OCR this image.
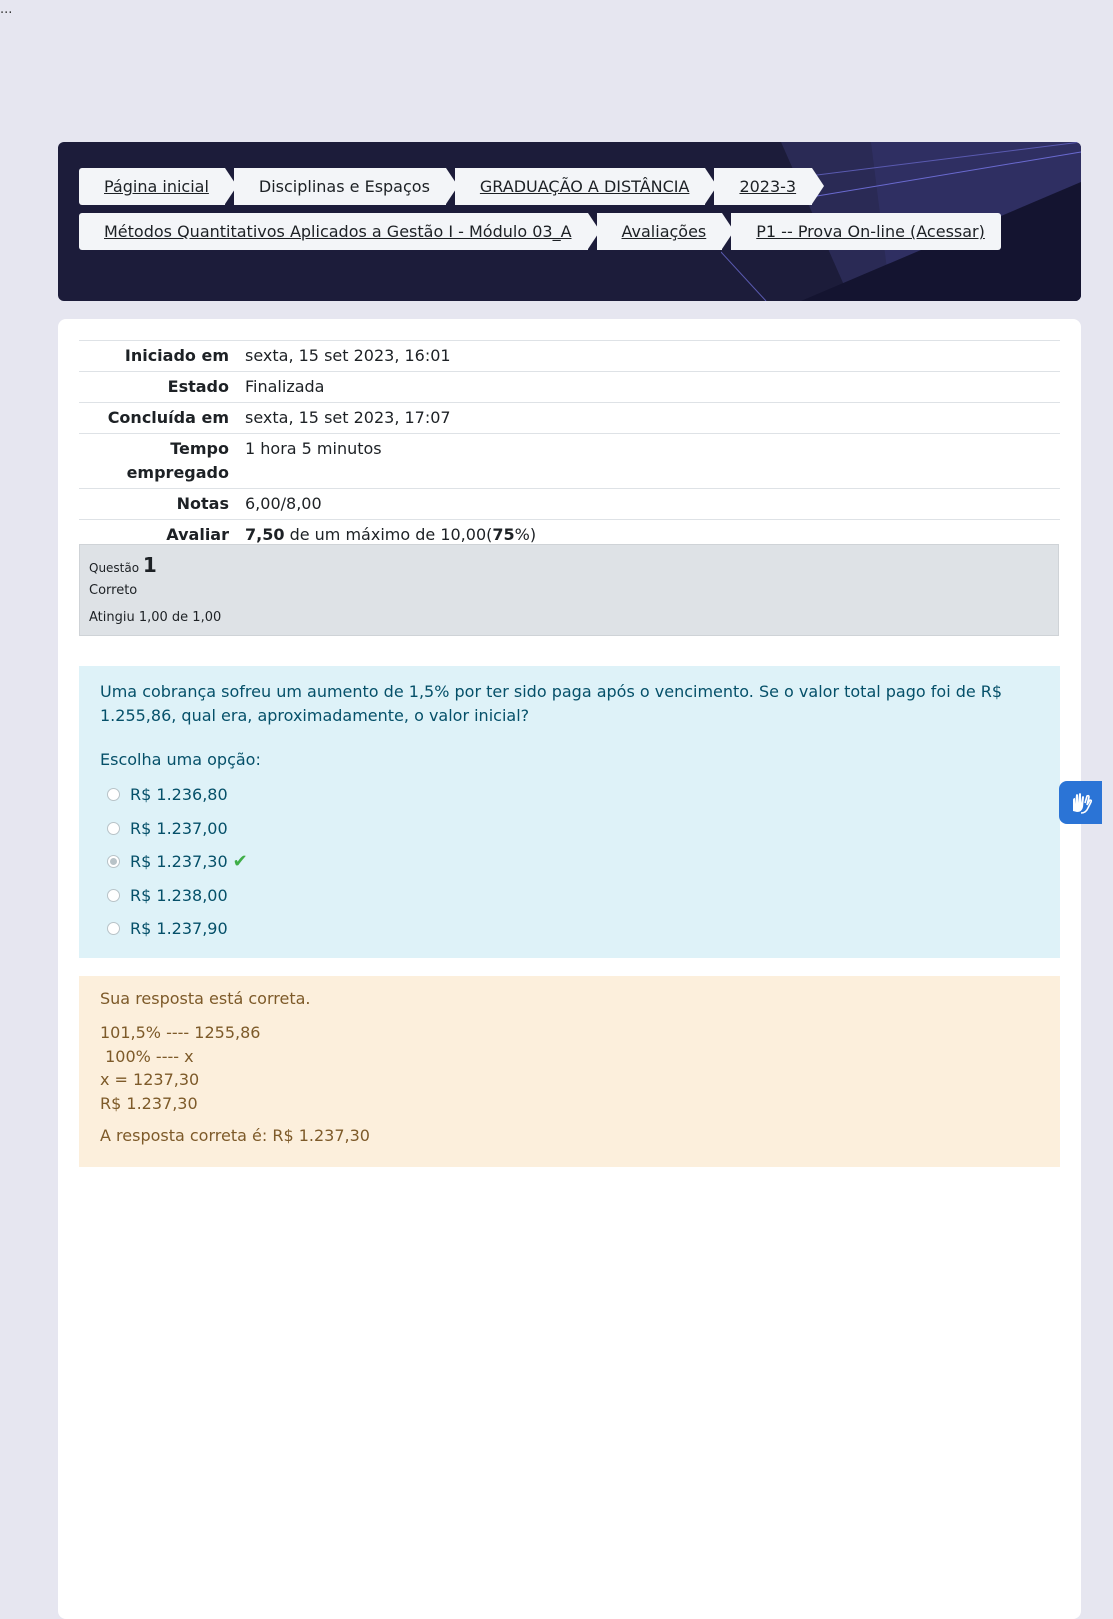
...
Página inicial	Disciplinas e Espaços	GRADUAÇÃO A DISTÂNCIA	2023-3
Métodos Quantitativos Aplicados a Gestão I - Módulo 03_A	Avaliações	P1 -- Prova On-line (Acessar)
Iniciado em	sexta, 15 set 2023, 16:01
Estado	Finalizada
Concluída em	sexta, 15 set 2023, 17:07
Tempo
empregado	1 hora 5 minutos
Notas	6,00/8,00
Avaliar	7,50 de um máximo de 10,00(75%)
Questão 1
Correto
Atingiu 1,00 de 1,00
Uma cobrança sofreu um aumento de 1,5% por ter sido paga após o vencimento. Se o valor total pago foi de R$ 1.255,86, qual era, aproximadamente, o valor inicial?
Escolha uma opção:
R$ 1.236,80
R$ 1.237,00
R$ 1.237,30 ✔
R$ 1.238,00
R$ 1.237,90
Sua resposta está correta.
101,5% ---- 1255,86
100% ---- x
x = 1237,30
R$ 1.237,30
A resposta correta é: R$ 1.237,30
